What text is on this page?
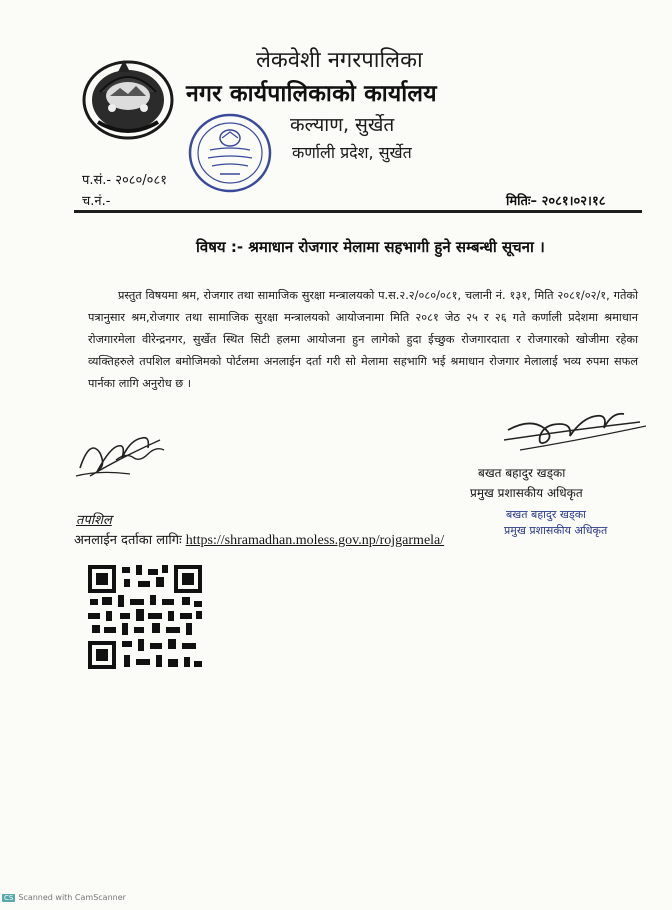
लेकवेशी नगरपालिका
नगर कार्यपालिकाको कार्यालय
कल्याण, सुर्खेत
कर्णाली प्रदेश, सुर्खेत
प.सं.- २०८०/०८१
च.नं.-	मितिः– २०८१।०२।१८
विषय :- श्रमाधान रोजगार मेलामा सहभागी हुने सम्बन्धी सूचना ।
प्रस्तुत विषयमा श्रम, रोजगार तथा सामाजिक सुरक्षा मन्त्रालयको प.स.२.२/०८०/०८१, चलानी नं. १३१, मिति २०८१/०२/१, गतेको पत्रानुसार श्रम,रोजगार तथा सामाजिक सुरक्षा मन्त्रालयको आयोजनामा मिति २०८१ जेठ २५ र २६ गते कर्णाली प्रदेशमा श्रमाधान रोजगारमेला वीरेन्द्रनगर, सुर्खेत स्थित सिटी हलमा आयोजना हुन लागेको हुदा ईच्छुक रोजगारदाता र रोजगारको खोजीमा रहेका व्यक्तिहरुले तपशिल बमोजिमको पोर्टलमा अनलाईन दर्ता गरी सो मेलामा सहभागि भई श्रमाधान रोजगार मेलालाई भव्य रुपमा सफल पार्नका लागि अनुरोध छ ।
बखत बहादुर खड्का
प्रमुख प्रशासकीय अधिकृत
बखत बहादुर खड्का
प्रमुख प्रशासकीय अधिकृत
तपशिल
अनलाईन दर्ताका लागिः https://shramadhan.moless.gov.np/rojgarmela/
CS Scanned with CamScanner
